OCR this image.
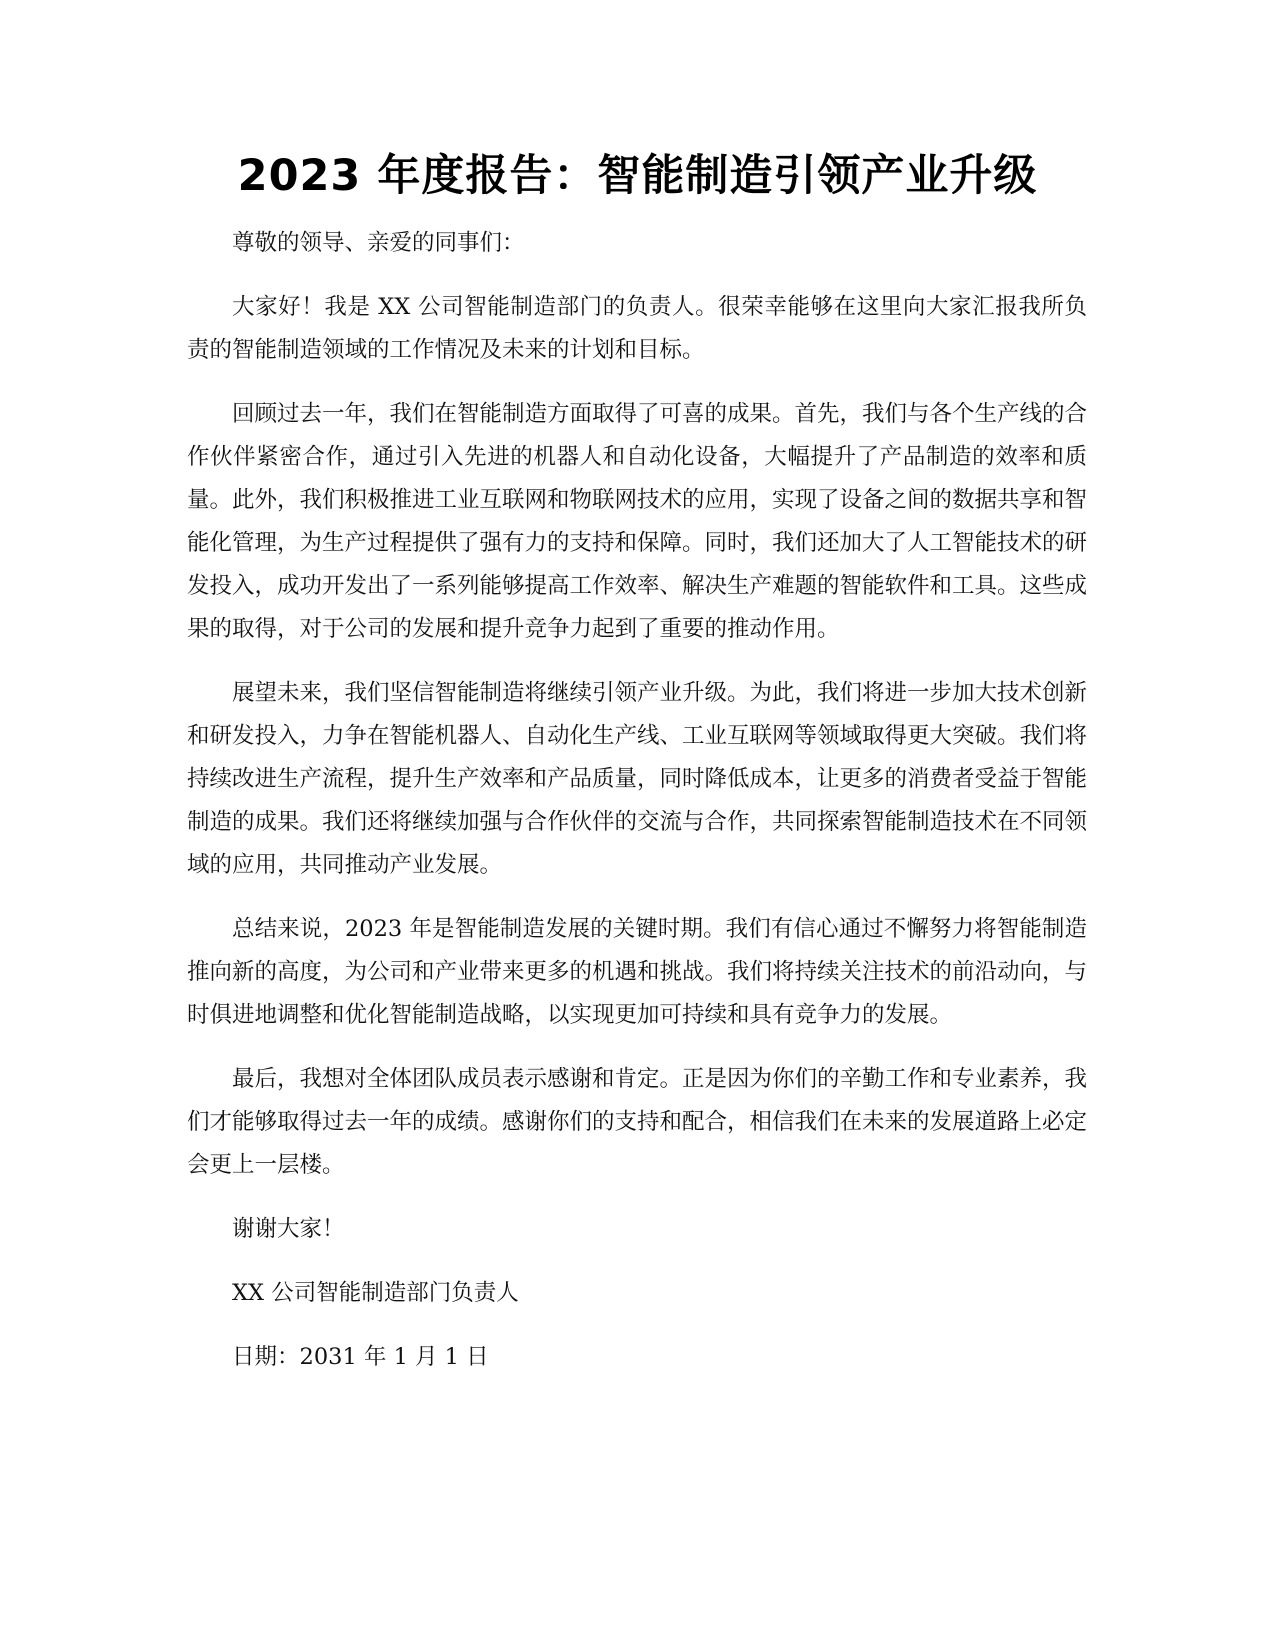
2023 年度报告：智能制造引领产业升级

尊敬的领导、亲爱的同事们：

大家好！我是 XX 公司智能制造部门的负责人。很荣幸能够在这里向大家汇报我所负责的智能制造领域的工作情况及未来的计划和目标。

回顾过去一年，我们在智能制造方面取得了可喜的成果。首先，我们与各个生产线的合作伙伴紧密合作，通过引入先进的机器人和自动化设备，大幅提升了产品制造的效率和质量。此外，我们积极推进工业互联网和物联网技术的应用，实现了设备之间的数据共享和智能化管理，为生产过程提供了强有力的支持和保障。同时，我们还加大了人工智能技术的研发投入，成功开发出了一系列能够提高工作效率、解决生产难题的智能软件和工具。这些成果的取得，对于公司的发展和提升竞争力起到了重要的推动作用。

展望未来，我们坚信智能制造将继续引领产业升级。为此，我们将进一步加大技术创新和研发投入，力争在智能机器人、自动化生产线、工业互联网等领域取得更大突破。我们将持续改进生产流程，提升生产效率和产品质量，同时降低成本，让更多的消费者受益于智能制造的成果。我们还将继续加强与合作伙伴的交流与合作，共同探索智能制造技术在不同领域的应用，共同推动产业发展。

总结来说，2023 年是智能制造发展的关键时期。我们有信心通过不懈努力将智能制造推向新的高度，为公司和产业带来更多的机遇和挑战。我们将持续关注技术的前沿动向，与时俱进地调整和优化智能制造战略，以实现更加可持续和具有竞争力的发展。

最后，我想对全体团队成员表示感谢和肯定。正是因为你们的辛勤工作和专业素养，我们才能够取得过去一年的成绩。感谢你们的支持和配合，相信我们在未来的发展道路上必定会更上一层楼。

谢谢大家！

XX 公司智能制造部门负责人

日期：2031 年 1 月 1 日
